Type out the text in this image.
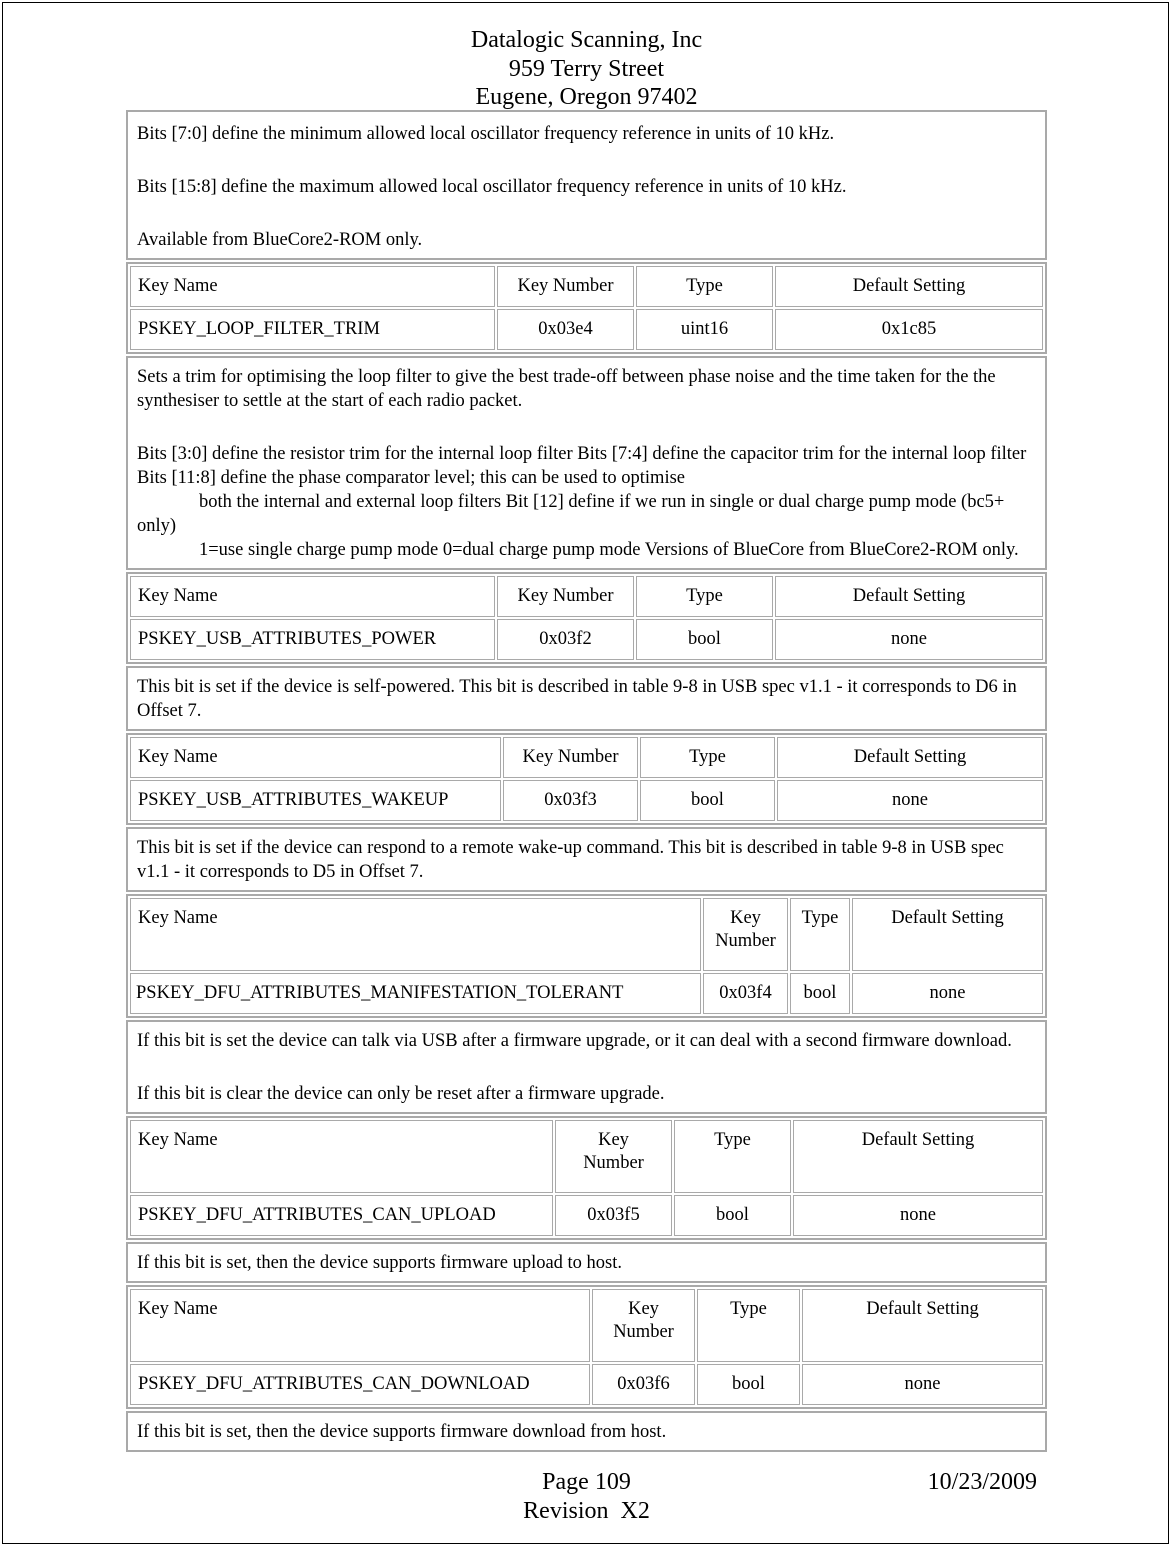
Datalogic Scanning, Inc
959 Terry Street
Eugene, Oregon 97402

Bits [7:0] define the minimum allowed local oscillator frequency reference in units of 10 kHz.

Bits [15:8] define the maximum allowed local oscillator frequency reference in units of 10 kHz.

Available from BlueCore2-ROM only.

Key Name	Key Number	Type	Default Setting
PSKEY_LOOP_FILTER_TRIM	0x03e4	uint16	0x1c85

Sets a trim for optimising the loop filter to give the best trade-off between phase noise and the time taken for the the synthesiser to settle at the start of each radio packet.

Bits [3:0] define the resistor trim for the internal loop filter Bits [7:4] define the capacitor trim for the internal loop filter Bits [11:8] define the phase comparator level; this can be used to optimise
both the internal and external loop filters Bit [12] define if we run in single or dual charge pump mode (bc5+ only)
1=use single charge pump mode 0=dual charge pump mode Versions of BlueCore from BlueCore2-ROM only.

Key Name	Key Number	Type	Default Setting
PSKEY_USB_ATTRIBUTES_POWER	0x03f2	bool	none

This bit is set if the device is self-powered. This bit is described in table 9-8 in USB spec v1.1 - it corresponds to D6 in Offset 7.

Key Name	Key Number	Type	Default Setting
PSKEY_USB_ATTRIBUTES_WAKEUP	0x03f3	bool	none

This bit is set if the device can respond to a remote wake-up command. This bit is described in table 9-8 in USB spec v1.1 - it corresponds to D5 in Offset 7.

Key Name	Key
Number	Type	Default Setting
PSKEY_DFU_ATTRIBUTES_MANIFESTATION_TOLERANT	0x03f4	bool	none

If this bit is set the device can talk via USB after a firmware upgrade, or it can deal with a second firmware download.

If this bit is clear the device can only be reset after a firmware upgrade.

Key Name	Key
Number	Type	Default Setting
PSKEY_DFU_ATTRIBUTES_CAN_UPLOAD	0x03f5	bool	none

If this bit is set, then the device supports firmware upload to host.

Key Name	Key
Number	Type	Default Setting
PSKEY_DFU_ATTRIBUTES_CAN_DOWNLOAD	0x03f6	bool	none

If this bit is set, then the device supports firmware download from host.

Page 109
Revision  X2
10/23/2009
